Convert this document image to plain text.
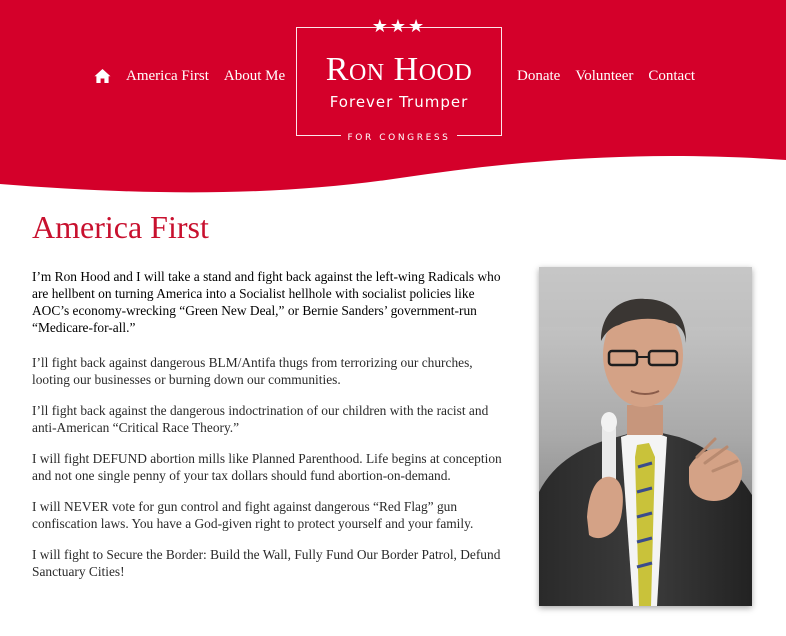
America First About Me
★★★
Ron Hood
Forever Trumper
FOR CONGRESS
Donate Volunteer Contact
America First

I’m Ron Hood and I will take a stand and fight back against the left-wing Radicals who are hellbent on turning America into a Socialist hellhole with socialist policies like AOC’s economy-wrecking “Green New Deal,” or Bernie Sanders’ government-run “Medicare-for-all.”

I’ll fight back against dangerous BLM/Antifa thugs from terrorizing our churches, looting our businesses or burning down our communities.

I’ll fight back against the dangerous indoctrination of our children with the racist and anti-American “Critical Race Theory.”

I will fight DEFUND abortion mills like Planned Parenthood. Life begins at conception and not one single penny of your tax dollars should fund abortion-on-demand.

I will NEVER vote for gun control and fight against dangerous “Red Flag” gun confiscation laws. You have a God-given right to protect yourself and your family.

I will fight to Secure the Border: Build the Wall, Fully Fund Our Border Patrol, Defund Sanctuary Cities!
